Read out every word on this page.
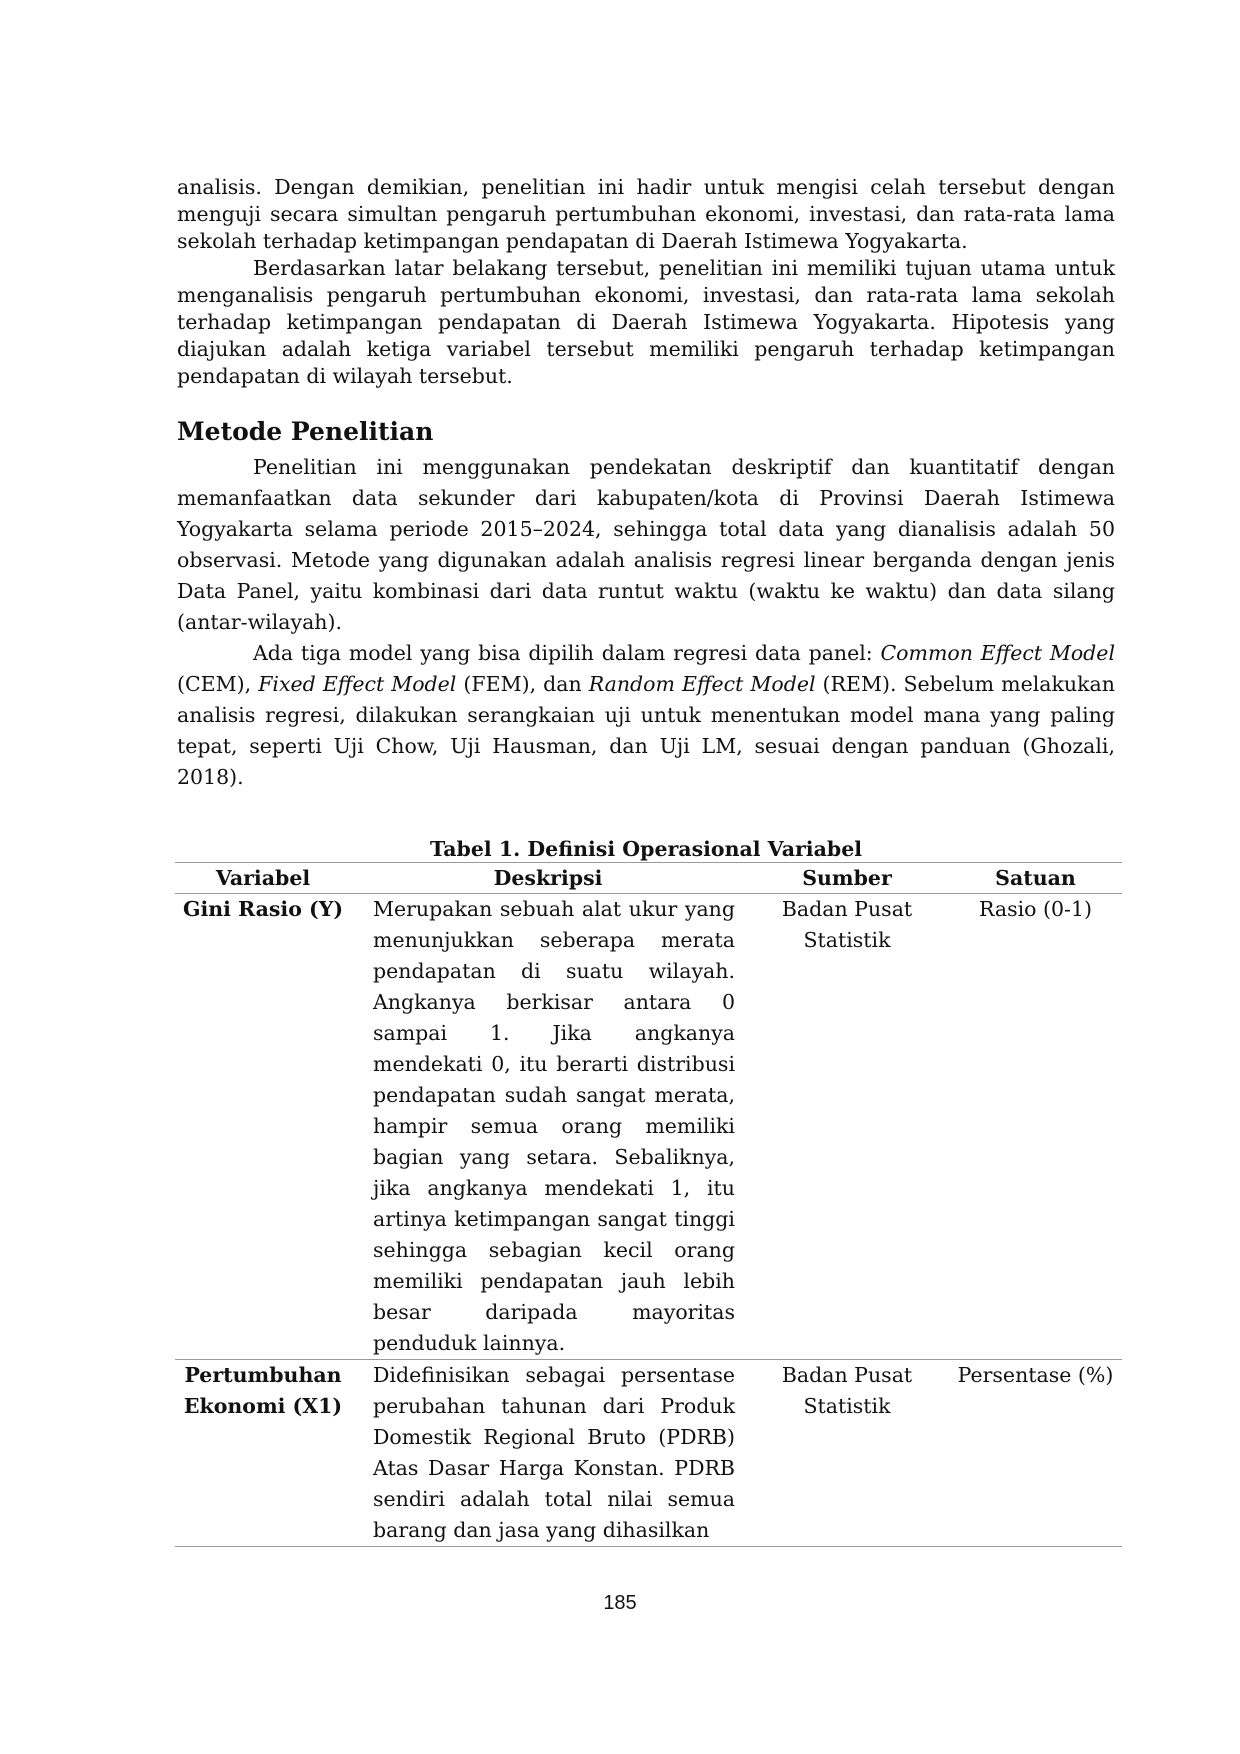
analisis. Dengan demikian, penelitian ini hadir untuk mengisi celah tersebut dengan menguji secara simultan pengaruh pertumbuhan ekonomi, investasi, dan rata-rata lama sekolah terhadap ketimpangan pendapatan di Daerah Istimewa Yogyakarta.

Berdasarkan latar belakang tersebut, penelitian ini memiliki tujuan utama untuk menganalisis pengaruh pertumbuhan ekonomi, investasi, dan rata-rata lama sekolah terhadap ketimpangan pendapatan di Daerah Istimewa Yogyakarta. Hipotesis yang diajukan adalah ketiga variabel tersebut memiliki pengaruh terhadap ketimpangan pendapatan di wilayah tersebut.

Metode Penelitian

Penelitian ini menggunakan pendekatan deskriptif dan kuantitatif dengan memanfaatkan data sekunder dari kabupaten/kota di Provinsi Daerah Istimewa Yogyakarta selama periode 2015–2024, sehingga total data yang dianalisis adalah 50 observasi. Metode yang digunakan adalah analisis regresi linear berganda dengan jenis Data Panel, yaitu kombinasi dari data runtut waktu (waktu ke waktu) dan data silang (antar-wilayah).

Ada tiga model yang bisa dipilih dalam regresi data panel: Common Effect Model (CEM), Fixed Effect Model (FEM), dan Random Effect Model (REM). Sebelum melakukan analisis regresi, dilakukan serangkaian uji untuk menentukan model mana yang paling tepat, seperti Uji Chow, Uji Hausman, dan Uji LM, sesuai dengan panduan (Ghozali, 2018).

Tabel 1. Definisi Operasional Variabel
Variabel	Deskripsi	Sumber	Satuan
Gini Rasio (Y)	Merupakan sebuah alat ukur yang menunjukkan seberapa merata pendapatan di suatu wilayah. Angkanya berkisar antara 0 sampai 1. Jika angkanya mendekati 0, itu berarti distribusi pendapatan sudah sangat merata, hampir semua orang memiliki bagian yang setara. Sebaliknya, jika angkanya mendekati 1, itu artinya ketimpangan sangat tinggi sehingga sebagian kecil orang memiliki pendapatan jauh lebih besar daripada mayoritas penduduk lainnya.	Badan Pusat Statistik	Rasio (0-1)
Pertumbuhan Ekonomi (X1)	Didefinisikan sebagai persentase perubahan tahunan dari Produk Domestik Regional Bruto (PDRB) Atas Dasar Harga Konstan. PDRB sendiri adalah total nilai semua barang dan jasa yang dihasilkan	Badan Pusat Statistik	Persentase (%)
185
